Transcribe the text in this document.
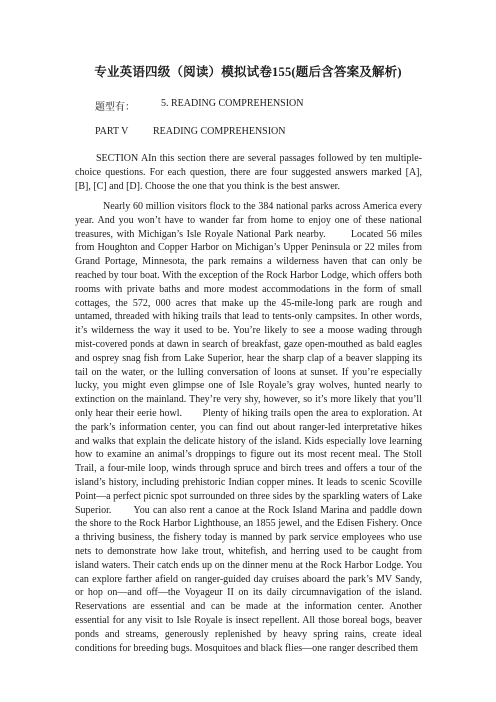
专业英语四级（阅读）模拟试卷155(题后含答案及解析)
题型有：	5. READING COMPREHENSION
PART V READING COMPREHENSION

SECTION AIn this section there are several passages followed by ten multiple-choice questions. For each question, there are four suggested answers marked [A], [B], [C] and [D]. Choose the one that you think is the best answer.

Nearly 60 million visitors flock to the 384 national parks across America every year. And you won’t have to wander far from home to enjoy one of these national treasures, with Michigan’s Isle Royale National Park nearby.       Located 56 miles from Houghton and Copper Harbor on Michigan’s Upper Peninsula or 22 miles from Grand Portage, Minnesota, the park remains a wilderness haven that can only be reached by tour boat. With the exception of the Rock Harbor Lodge, which offers both rooms with private baths and more modest accommodations in the form of small cottages, the 572, 000 acres that make up the 45-mile-long park are rough and untamed, threaded with hiking trails that lead to tents-only campsites. In other words, it’s wilderness the way it used to be. You’re likely to see a moose wading through mist-covered ponds at dawn in search of breakfast, gaze open-mouthed as bald eagles and osprey snag fish from Lake Superior, hear the sharp clap of a beaver slapping its tail on the water, or the lulling conversation of loons at sunset. If you’re especially lucky, you might even glimpse one of Isle Royale’s gray wolves, hunted nearly to extinction on the mainland. They’re very shy, however, so it’s more likely that you’ll only hear their eerie howl.       Plenty of hiking trails open the area to exploration. At the park’s information center, you can find out about ranger-led interpretative hikes and walks that explain the delicate history of the island. Kids especially love learning how to examine an animal’s droppings to figure out its most recent meal. The Stoll Trail, a four-mile loop, winds through spruce and birch trees and offers a tour of the island’s history, including prehistoric Indian copper mines. It leads to scenic Scoville Point—a perfect picnic spot surrounded on three sides by the sparkling waters of Lake Superior.       You can also rent a canoe at the Rock Island Marina and paddle down the shore to the Rock Harbor Lighthouse, an 1855 jewel, and the Edisen Fishery. Once a thriving business, the fishery today is manned by park service employees who use nets to demonstrate how lake trout, whitefish, and herring used to be caught from island waters. Their catch ends up on the dinner menu at the Rock Harbor Lodge. You can explore farther afield on ranger-guided day cruises aboard the park’s MV Sandy, or hop on—and off—the Voyageur II on its daily circumnavigation of the island. Reservations are essential and can be made at the information center. Another essential for any visit to Isle Royale is insect repellent. All those boreal bogs, beaver ponds and streams, generously replenished by heavy spring rains, create ideal conditions for breeding bugs. Mosquitoes and black flies—one ranger described them
